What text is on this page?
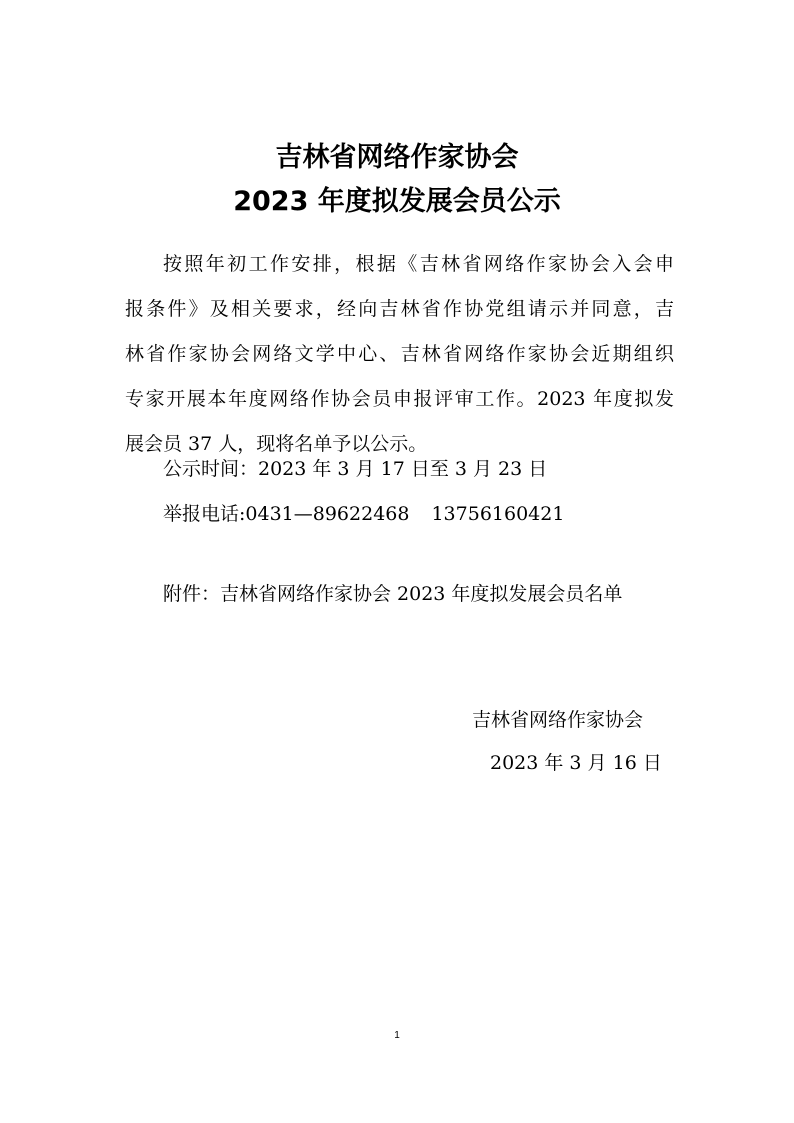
吉林省网络作家协会
2023 年度拟发展会员公示
按照年初工作安排，根据《吉林省网络作家协会入会申
报条件》及相关要求，经向吉林省作协党组请示并同意，吉
林省作家协会网络文学中心、吉林省网络作家协会近期组织
专家开展本年度网络作协会员申报评审工作。2023 年度拟发
展会员 37 人，现将名单予以公示。
公示时间：2023 年 3 月 17 日至 3 月 23 日
举报电话:0431—89622468 13756160421
附件：吉林省网络作家协会 2023 年度拟发展会员名单
吉林省网络作家协会
2023 年 3 月 16 日
1
